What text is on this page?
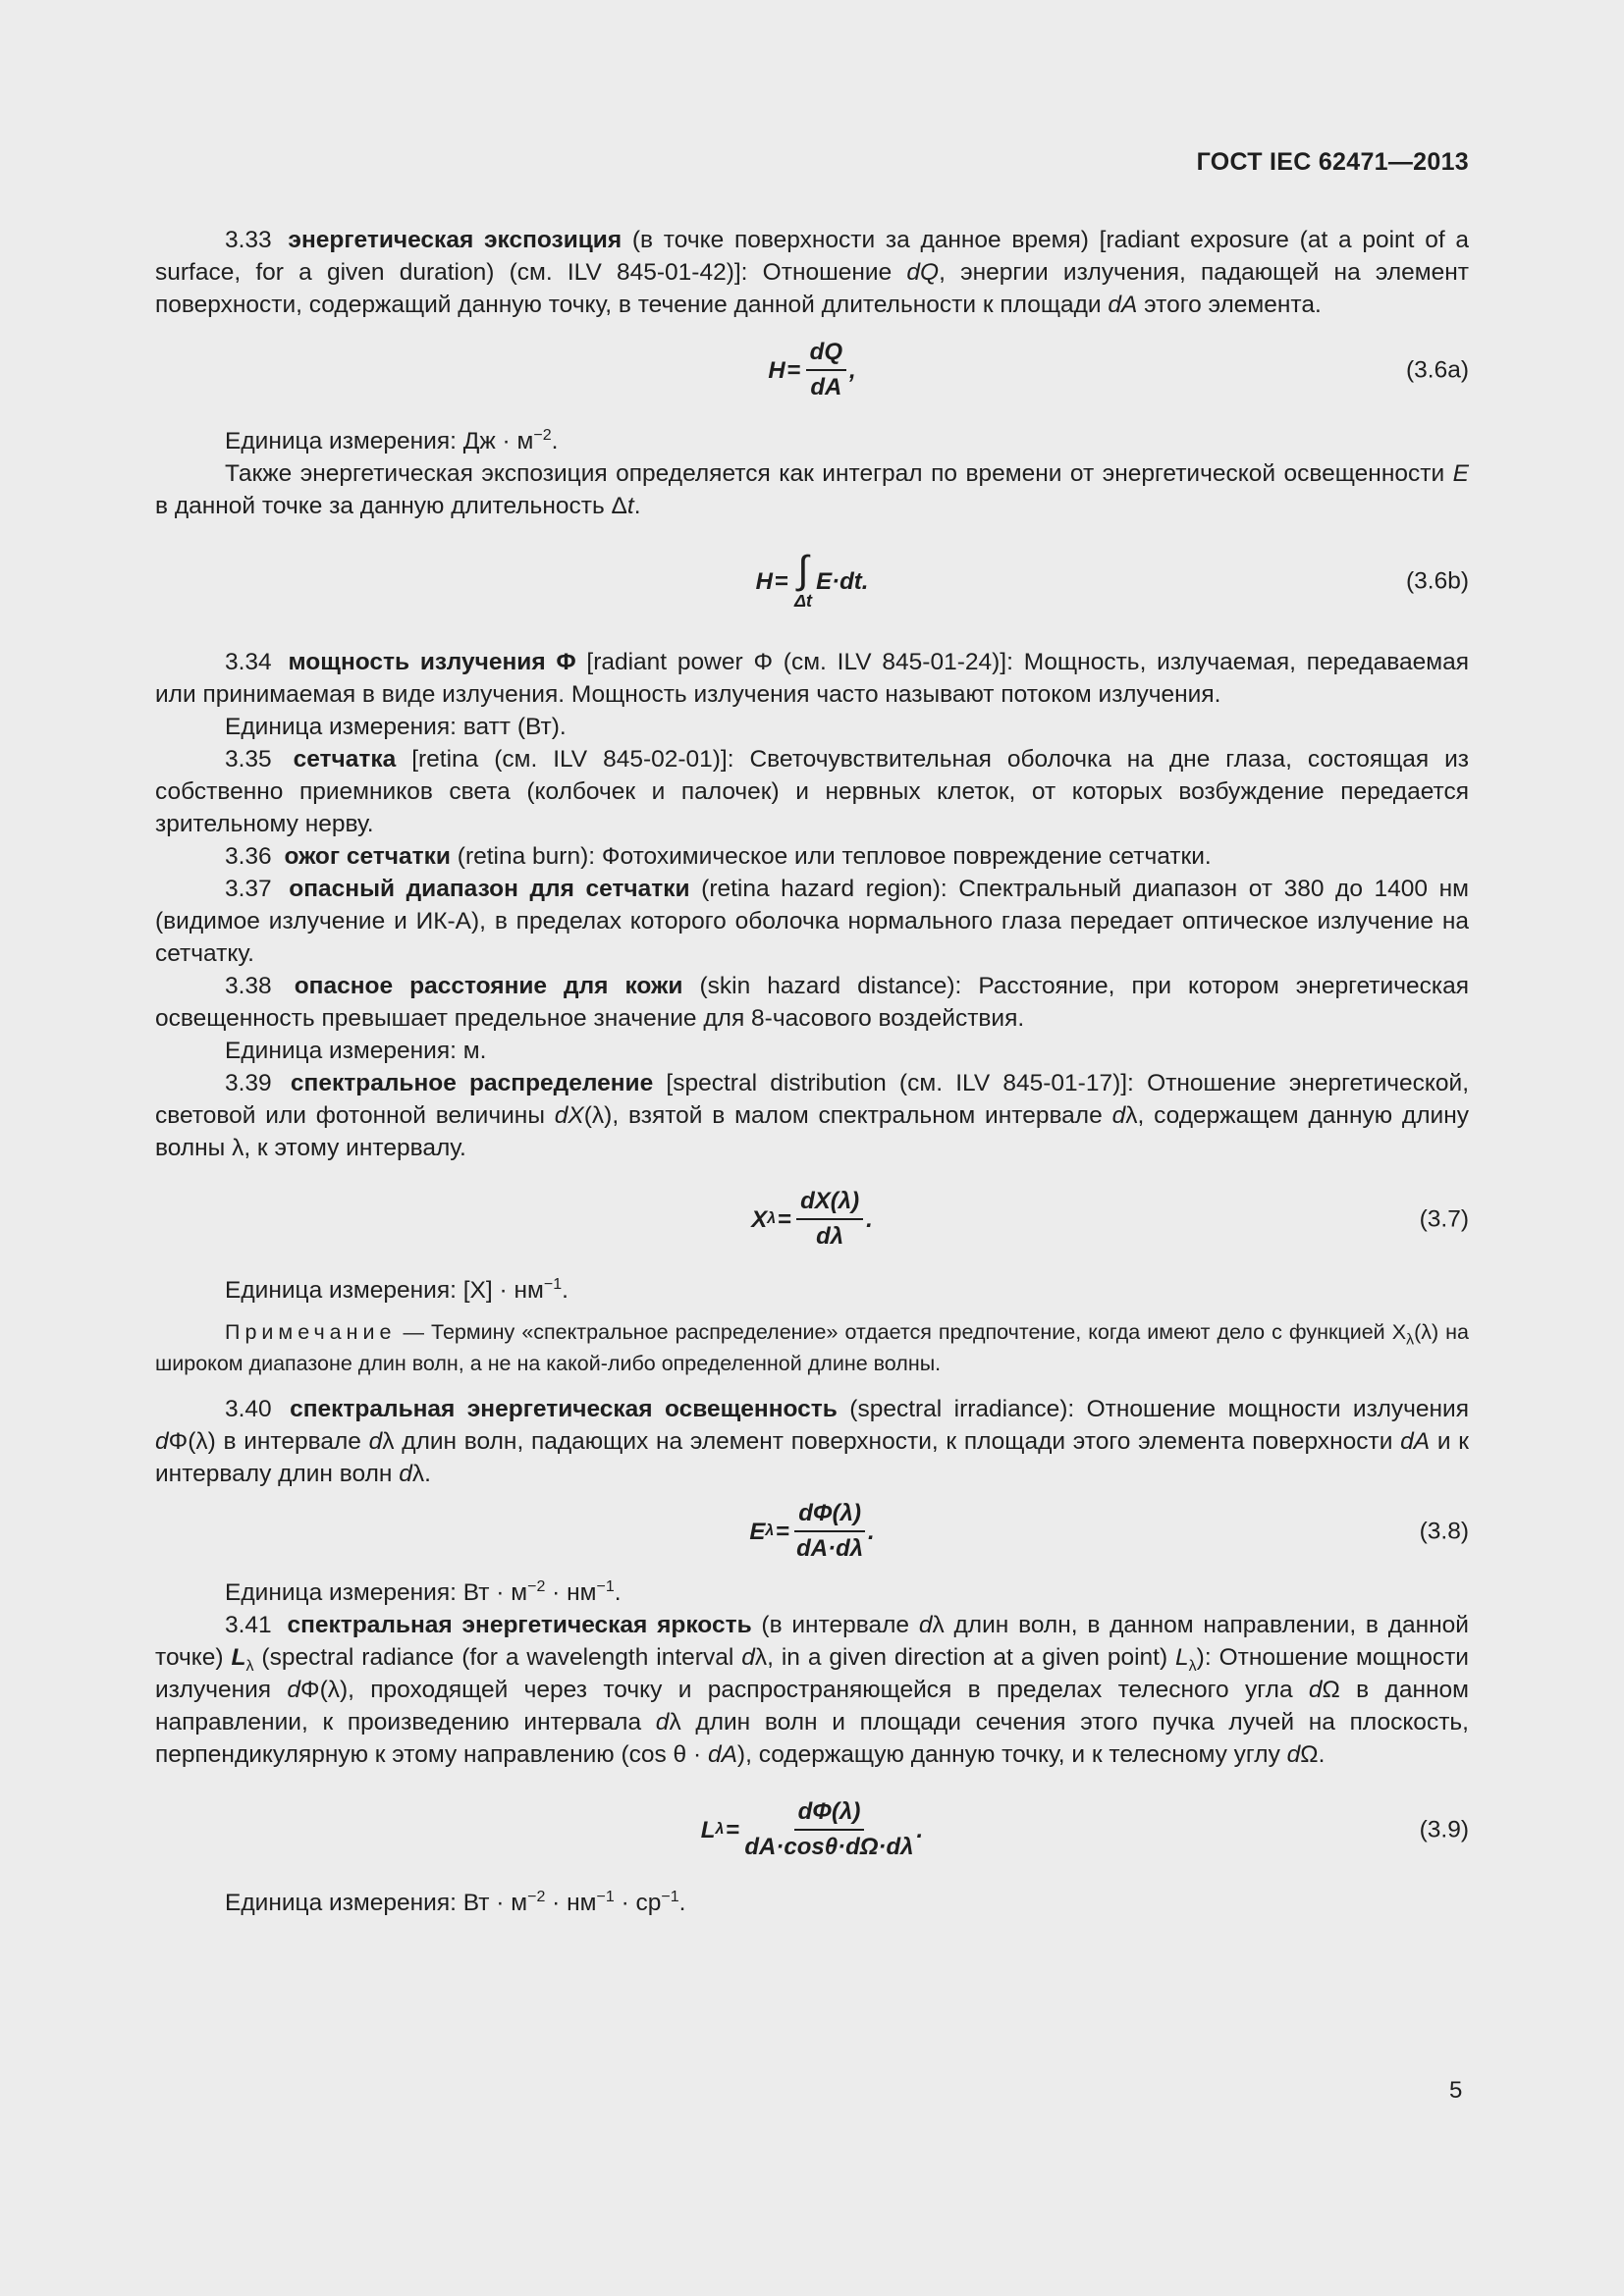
ГОСТ IEC 62471—2013

3.33 энергетическая экспозиция (в точке поверхности за данное время) [radiant exposure (at a point of a surface, for a given duration) (см. ILV 845-01-42)]: Отношение dQ, энергии излучения, падающей на элемент поверхности, содержащий данную точку, в течение данной длительности к площади dA этого элемента.

$H = \frac{dQ}{dA}$ ,	(3.6a)

Единица измерения: Дж · $м^{-2}$.

Также энергетическая экспозиция определяется как интеграл по времени от энергетической освещенности E в данной точке за данную длительность Δt.

H = ∫
Δt
E·dt.	(3.6b)

3.34 мощность излучения Φ [radiant power Φ (см. ILV 845-01-24)]: Мощность, излучаемая, передаваемая или принимаемая в виде излучения. Мощность излучения часто называют потоком излучения.

Единица измерения: ватт (Вт).

3.35 сетчатка [retina (см. ILV 845-02-01)]: Светочувствительная оболочка на дне глаза, состоящая из собственно приемников света (колбочек и палочек) и нервных клеток, от которых возбуждение передается зрительному нерву.

3.36 ожог сетчатки (retina burn): Фотохимическое или тепловое повреждение сетчатки.

3.37 опасный диапазон для сетчатки (retina hazard region): Спектральный диапазон от 380 до 1400 нм (видимое излучение и ИК-А), в пределах которого оболочка нормального глаза передает оптическое излучение на сетчатку.

3.38 опасное расстояние для кожи (skin hazard distance): Расстояние, при котором энергетическая освещенность превышает предельное значение для 8-часового воздействия.

Единица измерения: м.

3.39 спектральное распределение [spectral distribution (см. ILV 845-01-17)]: Отношение энергетической, световой или фотонной величины dX(λ), взятой в малом спектральном интервале dλ, содержащем данную длину волны λ, к этому интервалу.

X $\lambda = \frac{dX(\lambda)}{d\lambda}$ .	(3.7)

Единица измерения: $[X] \cdot нм^{-1}$.

Примечание — Термину «спектральное распределение» отдается предпочтение, когда имеют дело с функцией $X_\lambda(\lambda)$ на широком диапазоне длин волн, а не на какой-либо определенной длине волны.

3.40 спектральная энергетическая освещенность (spectral irradiance): Отношение мощности излучения dΦ(λ) в интервале dλ длин волн, падающих на элемент поверхности, к площади этого элемента поверхности dA и к интервалу длин волн dλ.

E $\lambda = \frac{d\Phi(\lambda)}{dA\cdot d\lambda}$ .	(3.8)

Единица измерения: Вт · $м^{-2} \cdot нм^{-1}$.

3.41 спектральная энергетическая яркость (в интервале dλ длин волн, в данном направлении, в данной точке) $L_\lambda$ (spectral radiance (for a wavelength interval dλ, in a given direction at a given point) $L_\lambda$): Отношение мощности излучения dΦ(λ), проходящей через точку и распространяющейся в пределах телесного угла dΩ в данном направлении, к произведению интервала dλ длин волн и площади сечения этого пучка лучей на плоскость, перпендикулярную к этому направлению (cos θ · dA), содержащую данную точку, и к телесному углу dΩ.

L $\lambda = \frac{d\Phi(\lambda)}{dA\cdot\cos\theta\cdot d\Omega\cdot d\lambda}$ .	(3.9)

Единица измерения: Вт · $м^{-2} \cdot нм^{-1} \cdot ср^{-1}$.

5
